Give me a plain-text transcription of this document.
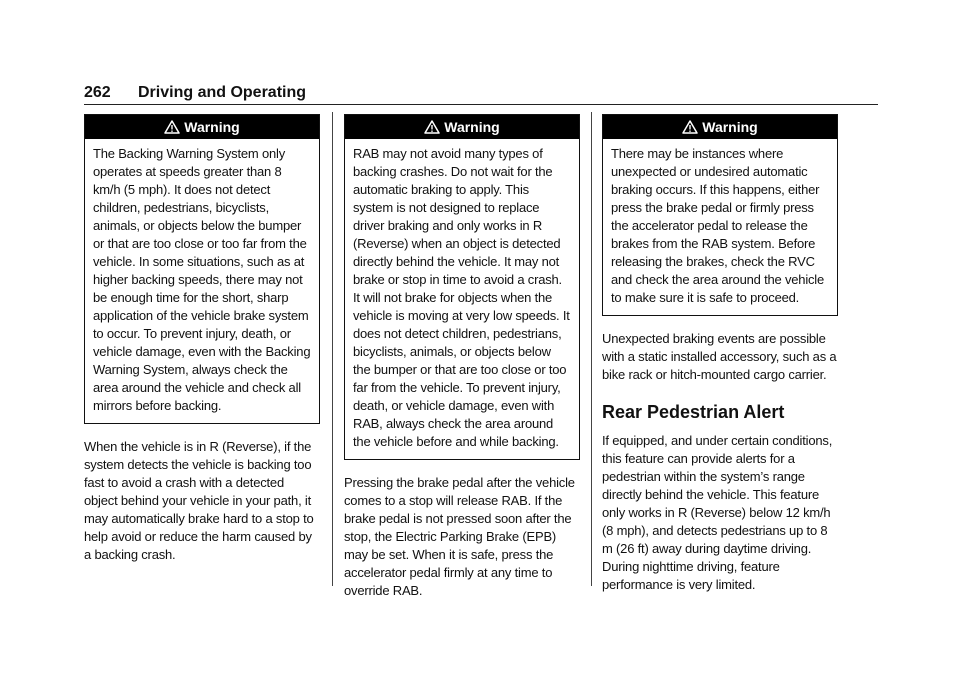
262 Driving and Operating
Warning

The Backing Warning System only operates at speeds greater than 8 km/h (5 mph). It does not detect children, pedestrians, bicyclists, animals, or objects below the bumper or that are too close or too far from the vehicle. In some situations, such as at higher backing speeds, there may not be enough time for the short, sharp application of the vehicle brake system to occur. To prevent injury, death, or vehicle damage, even with the Backing Warning System, always check the area around the vehicle and check all mirrors before backing.

When the vehicle is in R (Reverse), if the system detects the vehicle is backing too fast to avoid a crash with a detected object behind your vehicle in your path, it may automatically brake hard to a stop to help avoid or reduce the harm caused by a backing crash.

Warning

RAB may not avoid many types of backing crashes. Do not wait for the automatic braking to apply. This system is not designed to replace driver braking and only works in R (Reverse) when an object is detected directly behind the vehicle. It may not brake or stop in time to avoid a crash. It will not brake for objects when the vehicle is moving at very low speeds. It does not detect children, pedestrians, bicyclists, animals, or objects below the bumper or that are too close or too far from the vehicle. To prevent injury, death, or vehicle damage, even with RAB, always check the area around the vehicle before and while backing.

Pressing the brake pedal after the vehicle comes to a stop will release RAB. If the brake pedal is not pressed soon after the stop, the Electric Parking Brake (EPB) may be set. When it is safe, press the accelerator pedal firmly at any time to override RAB.

Warning

There may be instances where unexpected or undesired automatic braking occurs. If this happens, either press the brake pedal or firmly press the accelerator pedal to release the brakes from the RAB system. Before releasing the brakes, check the RVC and check the area around the vehicle to make sure it is safe to proceed.

Unexpected braking events are possible with a static installed accessory, such as a bike rack or hitch-mounted cargo carrier.

Rear Pedestrian Alert

If equipped, and under certain conditions, this feature can provide alerts for a pedestrian within the system’s range directly behind the vehicle. This feature only works in R (Reverse) below 12 km/h (8 mph), and detects pedestrians up to 8 m (26 ft) away during daytime driving. During nighttime driving, feature performance is very limited.
